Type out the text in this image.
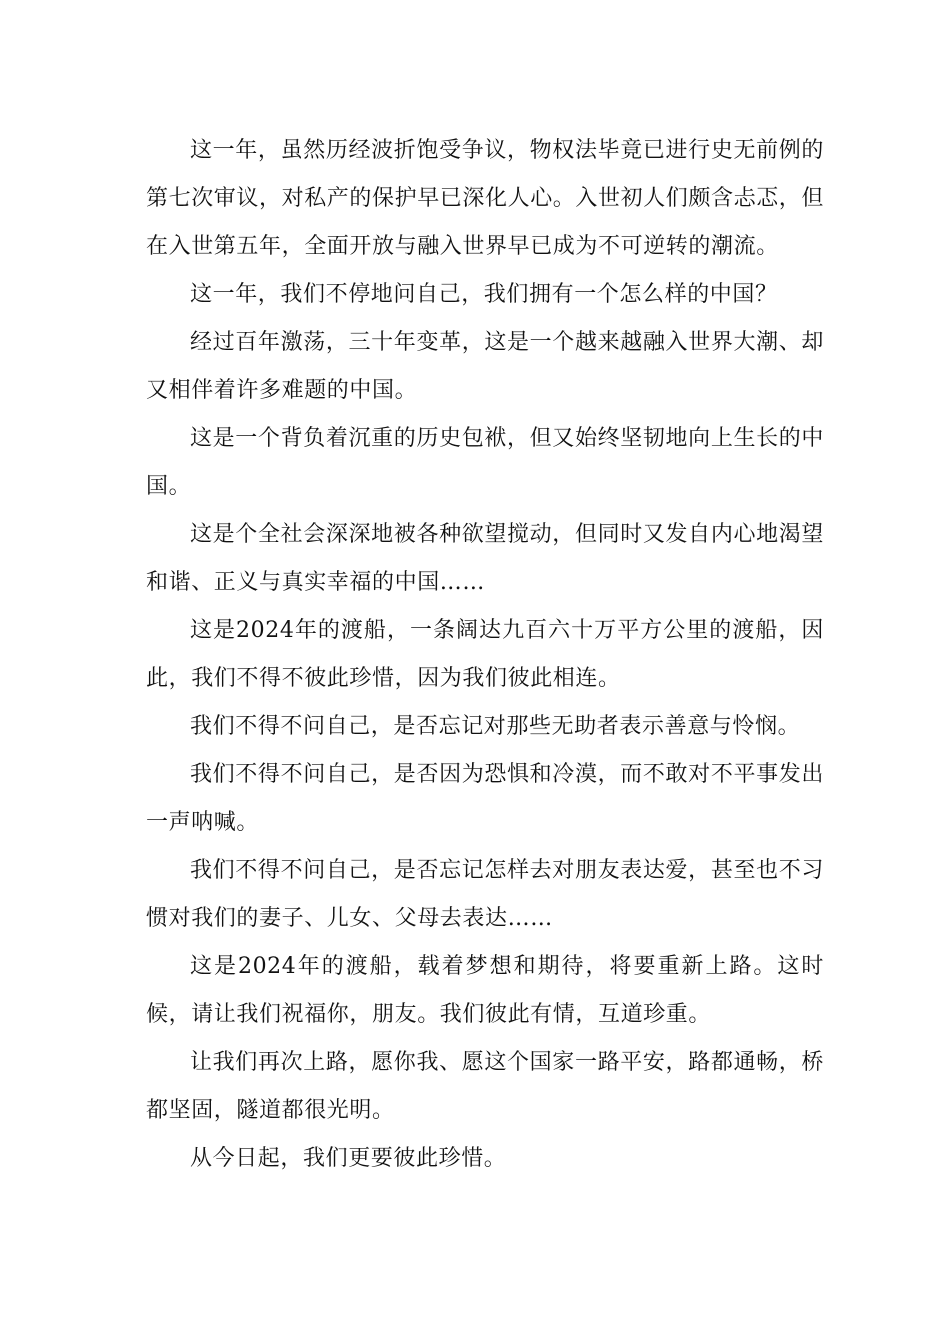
这一年，虽然历经波折饱受争议，物权法毕竟已进行史无前例的第七次审议，对私产的保护早已深化人心。入世初人们颇含忐忑，但在入世第五年，全面开放与融入世界早已成为不可逆转的潮流。

这一年，我们不停地问自己，我们拥有一个怎么样的中国？

经过百年激荡，三十年变革，这是一个越来越融入世界大潮、却又相伴着许多难题的中国。

这是一个背负着沉重的历史包袱，但又始终坚韧地向上生长的中国。

这是个全社会深深地被各种欲望搅动，但同时又发自内心地渴望和谐、正义与真实幸福的中国……

这是2024年的渡船，一条阔达九百六十万平方公里的渡船，因此，我们不得不彼此珍惜，因为我们彼此相连。

我们不得不问自己，是否忘记对那些无助者表示善意与怜悯。

我们不得不问自己，是否因为恐惧和冷漠，而不敢对不平事发出一声呐喊。

我们不得不问自己，是否忘记怎样去对朋友表达爱，甚至也不习惯对我们的妻子、儿女、父母去表达……

这是2024年的渡船，载着梦想和期待，将要重新上路。这时候，请让我们祝福你，朋友。我们彼此有情，互道珍重。

让我们再次上路，愿你我、愿这个国家一路平安，路都通畅，桥都坚固，隧道都很光明。

从今日起，我们更要彼此珍惜。
